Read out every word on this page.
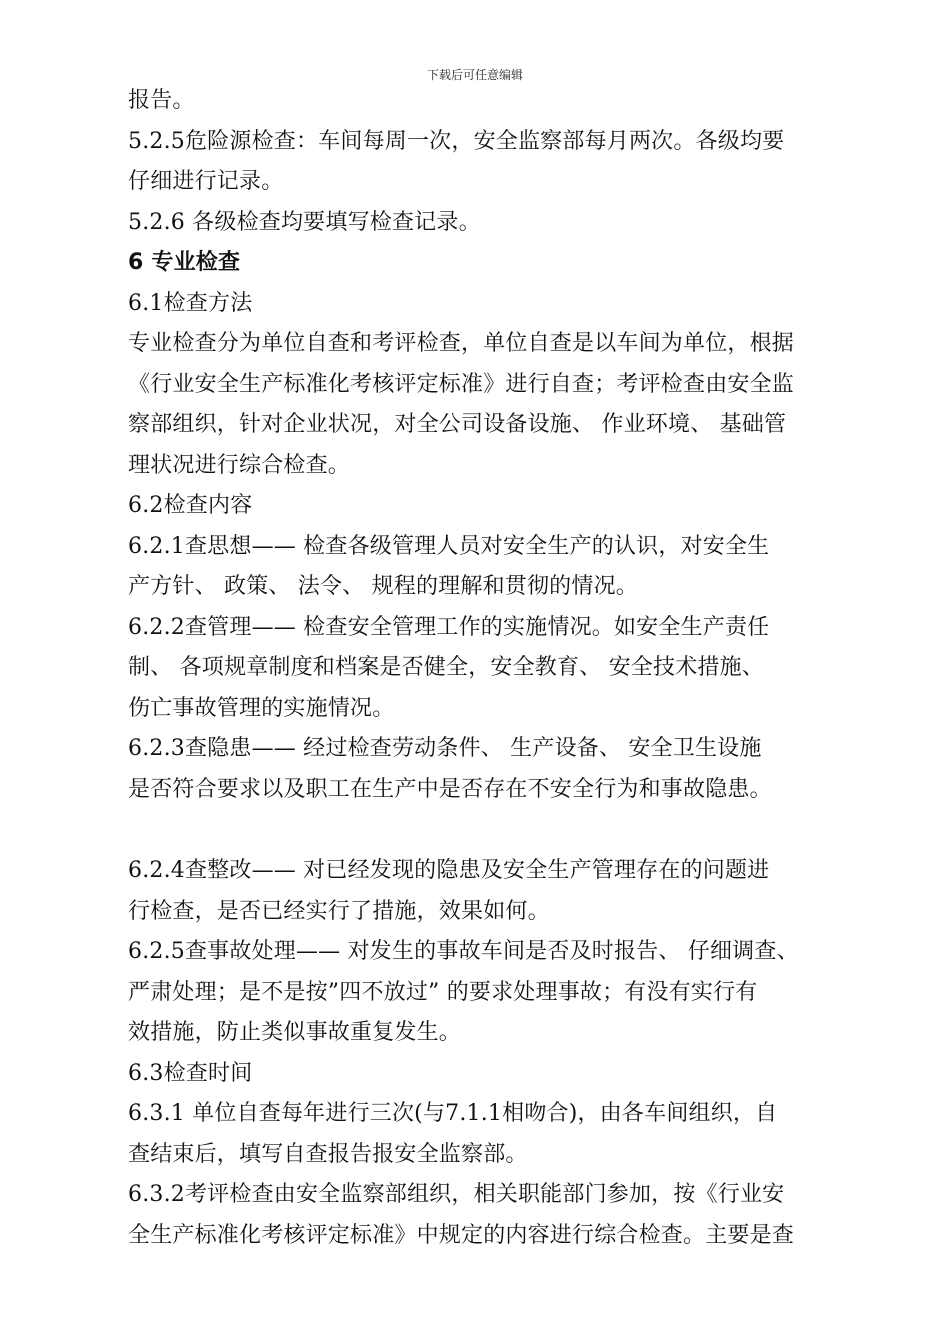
下载后可任意编辑
报告。
5.2.5危险源检查：车间每周一次，安全监察部每月两次。各级均要
仔细进行记录。
5.2.6 各级检查均要填写检查记录。
6 专业检查
6.1检查方法
专业检查分为单位自查和考评检查，单位自查是以车间为单位，根据
《行业安全生产标准化考核评定标准》进行自查；考评检查由安全监
察部组织，针对企业状况，对全公司设备设施、 作业环境、 基础管
理状况进行综合检查。
6.2检查内容
6.2.1查思想—— 检查各级管理人员对安全生产的认识，对安全生
产方针、 政策、 法令、 规程的理解和贯彻的情况。
6.2.2查管理—— 检查安全管理工作的实施情况。如安全生产责任
制、 各项规章制度和档案是否健全，安全教育、 安全技术措施、
伤亡事故管理的实施情况。
6.2.3查隐患—— 经过检查劳动条件、 生产设备、 安全卫生设施
是否符合要求以及职工在生产中是否存在不安全行为和事故隐患。
6.2.4查整改—— 对已经发现的隐患及安全生产管理存在的问题进
行检查，是否已经实行了措施，效果如何。
6.2.5查事故处理—— 对发生的事故车间是否及时报告、 仔细调查、
严肃处理；是不是按”四不放过” 的要求处理事故；有没有实行有
效措施，防止类似事故重复发生。
6.3检查时间
6.3.1 单位自查每年进行三次(与7.1.1相吻合)，由各车间组织，自
查结束后，填写自查报告报安全监察部。
6.3.2考评检查由安全监察部组织，相关职能部门参加，按《行业安
全生产标准化考核评定标准》中规定的内容进行综合检查。主要是查
